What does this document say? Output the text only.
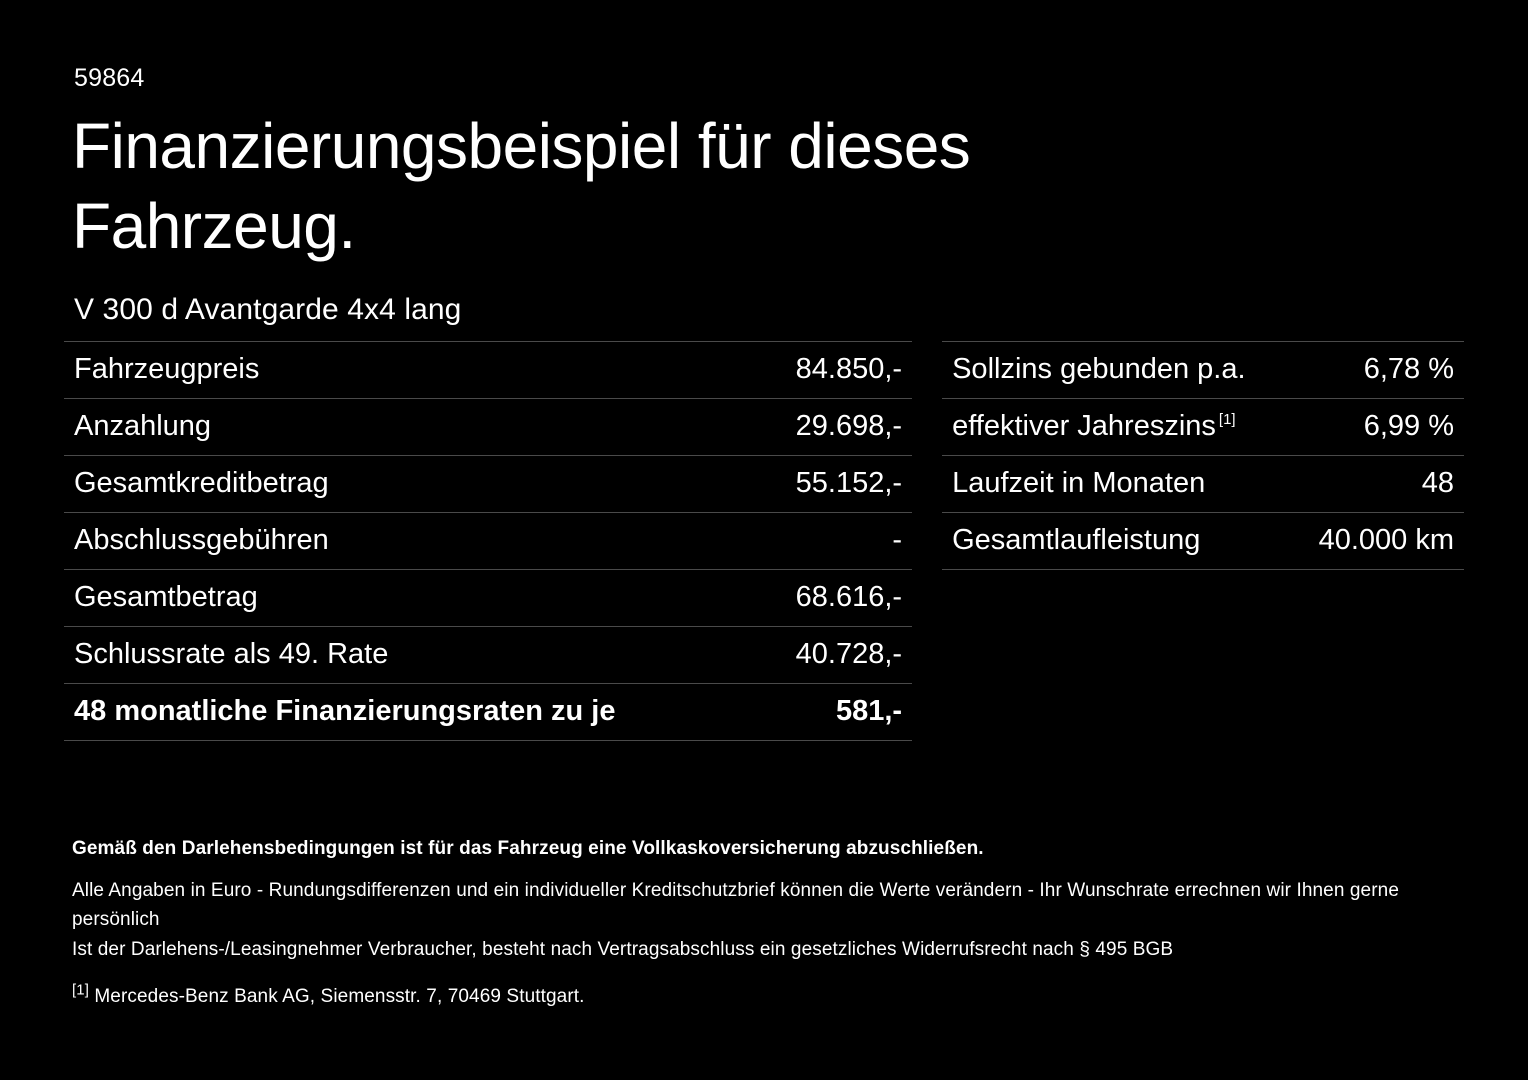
59864
Finanzierungsbeispiel für dieses Fahrzeug.
V 300 d Avantgarde 4x4 lang
Fahrzeugpreis	84.850,-
Anzahlung	29.698,-
Gesamtkreditbetrag	55.152,-
Abschlussgebühren	-
Gesamtbetrag	68.616,-
Schlussrate als 49. Rate	40.728,-
48 monatliche Finanzierungsraten zu je	581,-
Sollzins gebunden p.a.	6,78 %
effektiver Jahreszins [1]	6,99 %
Laufzeit in Monaten	48
Gesamtlaufleistung	40.000 km
Gemäß den Darlehensbedingungen ist für das Fahrzeug eine Vollkaskoversicherung abzuschließen.
Alle Angaben in Euro - Rundungsdifferenzen und ein individueller Kreditschutzbrief können die Werte verändern - Ihr Wunschrate errechnen wir Ihnen gerne persönlich
Ist der Darlehens-/Leasingnehmer Verbraucher, besteht nach Vertragsabschluss ein gesetzliches Widerrufsrecht nach § 495 BGB
[1] Mercedes-Benz Bank AG, Siemensstr. 7, 70469 Stuttgart.
